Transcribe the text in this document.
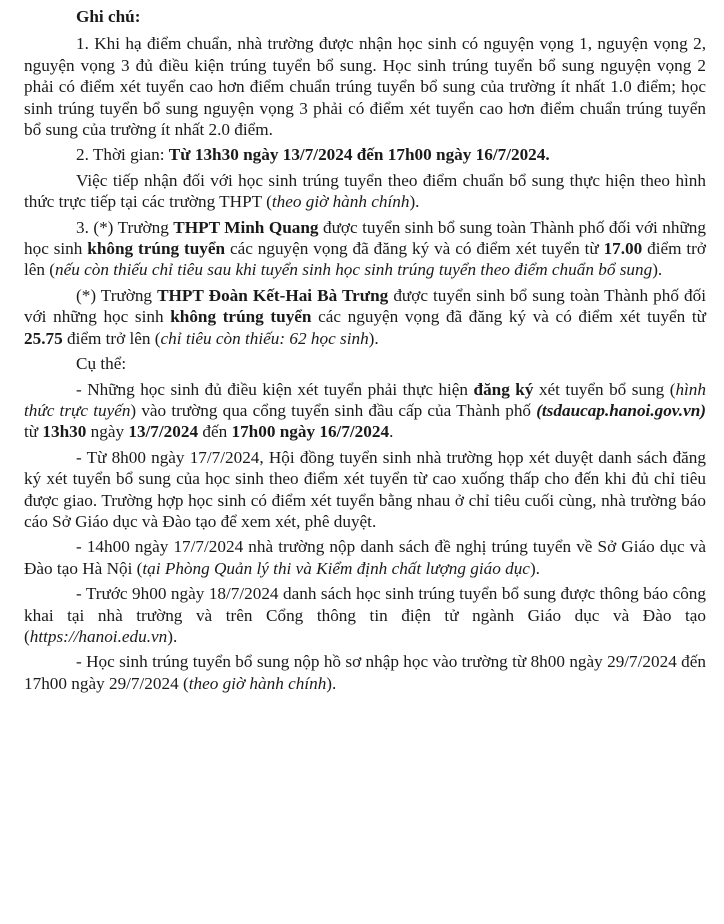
Ghi chú:

1. Khi hạ điểm chuẩn, nhà trường được nhận học sinh có nguyện vọng 1, nguyện vọng 2, nguyện vọng 3 đủ điều kiện trúng tuyển bổ sung. Học sinh trúng tuyển bổ sung nguyện vọng 2 phải có điểm xét tuyển cao hơn điểm chuẩn trúng tuyển bổ sung của trường ít nhất 1.0 điểm; học sinh trúng tuyển bổ sung nguyện vọng 3 phải có điểm xét tuyển cao hơn điểm chuẩn trúng tuyển bổ sung của trường ít nhất 2.0 điểm.

2. Thời gian: Từ 13h30 ngày 13/7/2024 đến 17h00 ngày 16/7/2024.

Việc tiếp nhận đối với học sinh trúng tuyển theo điểm chuẩn bổ sung thực hiện theo hình thức trực tiếp tại các trường THPT (theo giờ hành chính).

3. (*) Trường THPT Minh Quang được tuyển sinh bổ sung toàn Thành phố đối với những học sinh không trúng tuyển các nguyện vọng đã đăng ký và có điểm xét tuyển từ 17.00 điểm trở lên (nếu còn thiếu chỉ tiêu sau khi tuyển sinh học sinh trúng tuyển theo điểm chuẩn bổ sung).

(*) Trường THPT Đoàn Kết-Hai Bà Trưng được tuyển sinh bổ sung toàn Thành phố đối với những học sinh không trúng tuyển các nguyện vọng đã đăng ký và có điểm xét tuyển từ 25.75 điểm trở lên (chỉ tiêu còn thiếu: 62 học sinh).

Cụ thể:

- Những học sinh đủ điều kiện xét tuyển phải thực hiện đăng ký xét tuyển bổ sung (hình thức trực tuyến) vào trường qua cổng tuyển sinh đầu cấp của Thành phố (tsdaucap.hanoi.gov.vn) từ 13h30 ngày 13/7/2024 đến 17h00 ngày 16/7/2024.

- Từ 8h00 ngày 17/7/2024, Hội đồng tuyển sinh nhà trường họp xét duyệt danh sách đăng ký xét tuyển bổ sung của học sinh theo điểm xét tuyển từ cao xuống thấp cho đến khi đủ chỉ tiêu được giao. Trường hợp học sinh có điểm xét tuyển bằng nhau ở chỉ tiêu cuối cùng, nhà trường báo cáo Sở Giáo dục và Đào tạo để xem xét, phê duyệt.

- 14h00 ngày 17/7/2024 nhà trường nộp danh sách đề nghị trúng tuyển về Sở Giáo dục và Đào tạo Hà Nội (tại Phòng Quản lý thi và Kiểm định chất lượng giáo dục).

- Trước 9h00 ngày 18/7/2024 danh sách học sinh trúng tuyển bổ sung được thông báo công khai tại nhà trường và trên Cổng thông tin điện tử ngành Giáo dục và Đào tạo (https://hanoi.edu.vn).

- Học sinh trúng tuyển bổ sung nộp hồ sơ nhập học vào trường từ 8h00 ngày 29/7/2024 đến 17h00 ngày 29/7/2024 (theo giờ hành chính).
